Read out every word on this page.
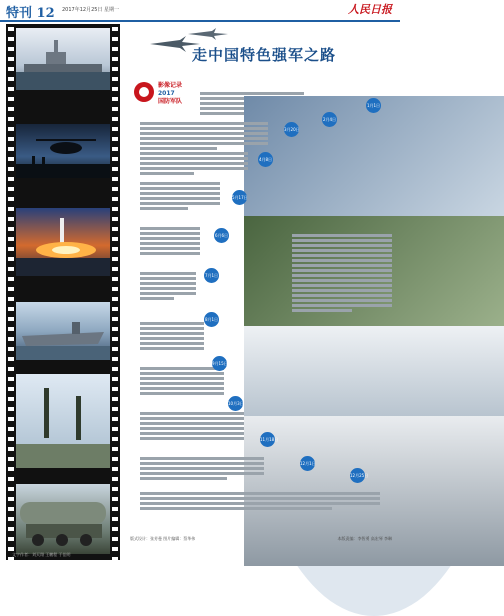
特刊 12 2017年12月25日 星期一	人民日报
走中国特色强军之路
影像记录
2017
国防军队
1月1日
2月4日
3月20日
4月8日
5月17日
6月6日
7月1日
8月1日
9月15日
10月3日
11月18日
12月1日
12月25日
版式设计：张芳曼 图片编辑：蔡华伟	本版责编：李智勇 高宏琴 李琳
文字作者：刘天翔 王鹏程 于佳明
